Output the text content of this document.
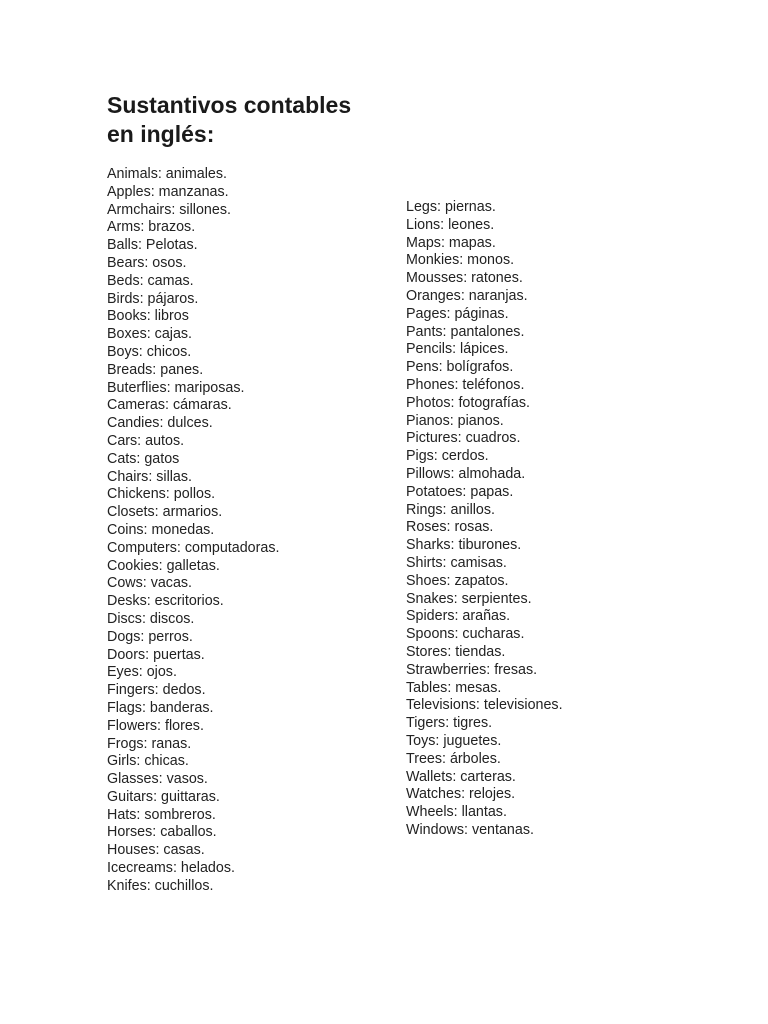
Sustantivos contables
en inglés:
Animals: animales.
Apples: manzanas.
Armchairs: sillones.
Arms: brazos.
Balls: Pelotas.
Bears: osos.
Beds: camas.
Birds: pájaros.
Books: libros
Boxes: cajas.
Boys: chicos.
Breads: panes.
Buterflies: mariposas.
Cameras: cámaras.
Candies: dulces.
Cars: autos.
Cats: gatos
Chairs: sillas.
Chickens: pollos.
Closets: armarios.
Coins: monedas.
Computers: computadoras.
Cookies: galletas.
Cows: vacas.
Desks: escritorios.
Discs: discos.
Dogs: perros.
Doors: puertas.
Eyes: ojos.
Fingers: dedos.
Flags: banderas.
Flowers: flores.
Frogs: ranas.
Girls: chicas.
Glasses: vasos.
Guitars: guittaras.
Hats: sombreros.
Horses: caballos.
Houses: casas.
Icecreams: helados.
Knifes: cuchillos.
Legs: piernas.
Lions: leones.
Maps: mapas.
Monkies: monos.
Mousses: ratones.
Oranges: naranjas.
Pages: páginas.
Pants: pantalones.
Pencils: lápices.
Pens: bolígrafos.
Phones: teléfonos.
Photos: fotografías.
Pianos: pianos.
Pictures: cuadros.
Pigs: cerdos.
Pillows: almohada.
Potatoes: papas.
Rings: anillos.
Roses: rosas.
Sharks: tiburones.
Shirts: camisas.
Shoes: zapatos.
Snakes: serpientes.
Spiders: arañas.
Spoons: cucharas.
Stores: tiendas.
Strawberries: fresas.
Tables: mesas.
Televisions: televisiones.
Tigers: tigres.
Toys: juguetes.
Trees: árboles.
Wallets: carteras.
Watches: relojes.
Wheels: llantas.
Windows: ventanas.
